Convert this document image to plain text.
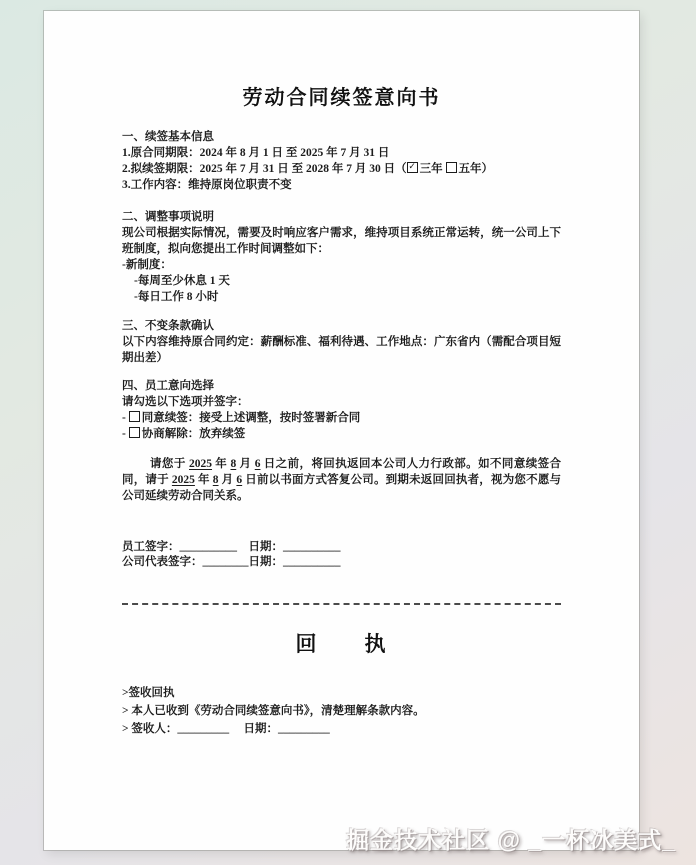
劳动合同续签意向书

一、续签基本信息

1.原合同期限：2024 年 8 月 1 日 至 2025 年 7 月 31 日

2.拟续签期限：2025 年 7 月 31 日 至 2028 年 7 月 30 日（ ✓ 三年 五年）

3.工作内容：维持原岗位职责不变

二、调整事项说明

现公司根据实际情况，需要及时响应客户需求，维持项目系统正常运转，统一公司上下班制度，拟向您提出工作时间调整如下：

-新制度：

-每周至少休息 1 天

-每日工作 8 小时

三、不变条款确认

以下内容维持原合同约定：薪酬标准、福利待遇、工作地点：广东省内（需配合项目短期出差）

四、员工意向选择

请勾选以下选项并签字：

- 同意续签：接受上述调整，按时签署新合同

- 协商解除：放弃续签

请您于 2025 年 8 月 6 日之前，将回执返回本公司人力行政部。如不同意续签合同，请于 2025 年 8 月 6 日前以书面方式答复公司。到期未返回回执者，视为您不愿与公司延续劳动合同关系。

员工签字：__________　日期：__________

公司代表签字：________日期：__________

回　　执

>签收回执

> 本人已收到《劳动合同续签意向书》，清楚理解条款内容。

> 签收人：_________　 日期：_________

掘金技术社区 @ _一杯冰美式_
